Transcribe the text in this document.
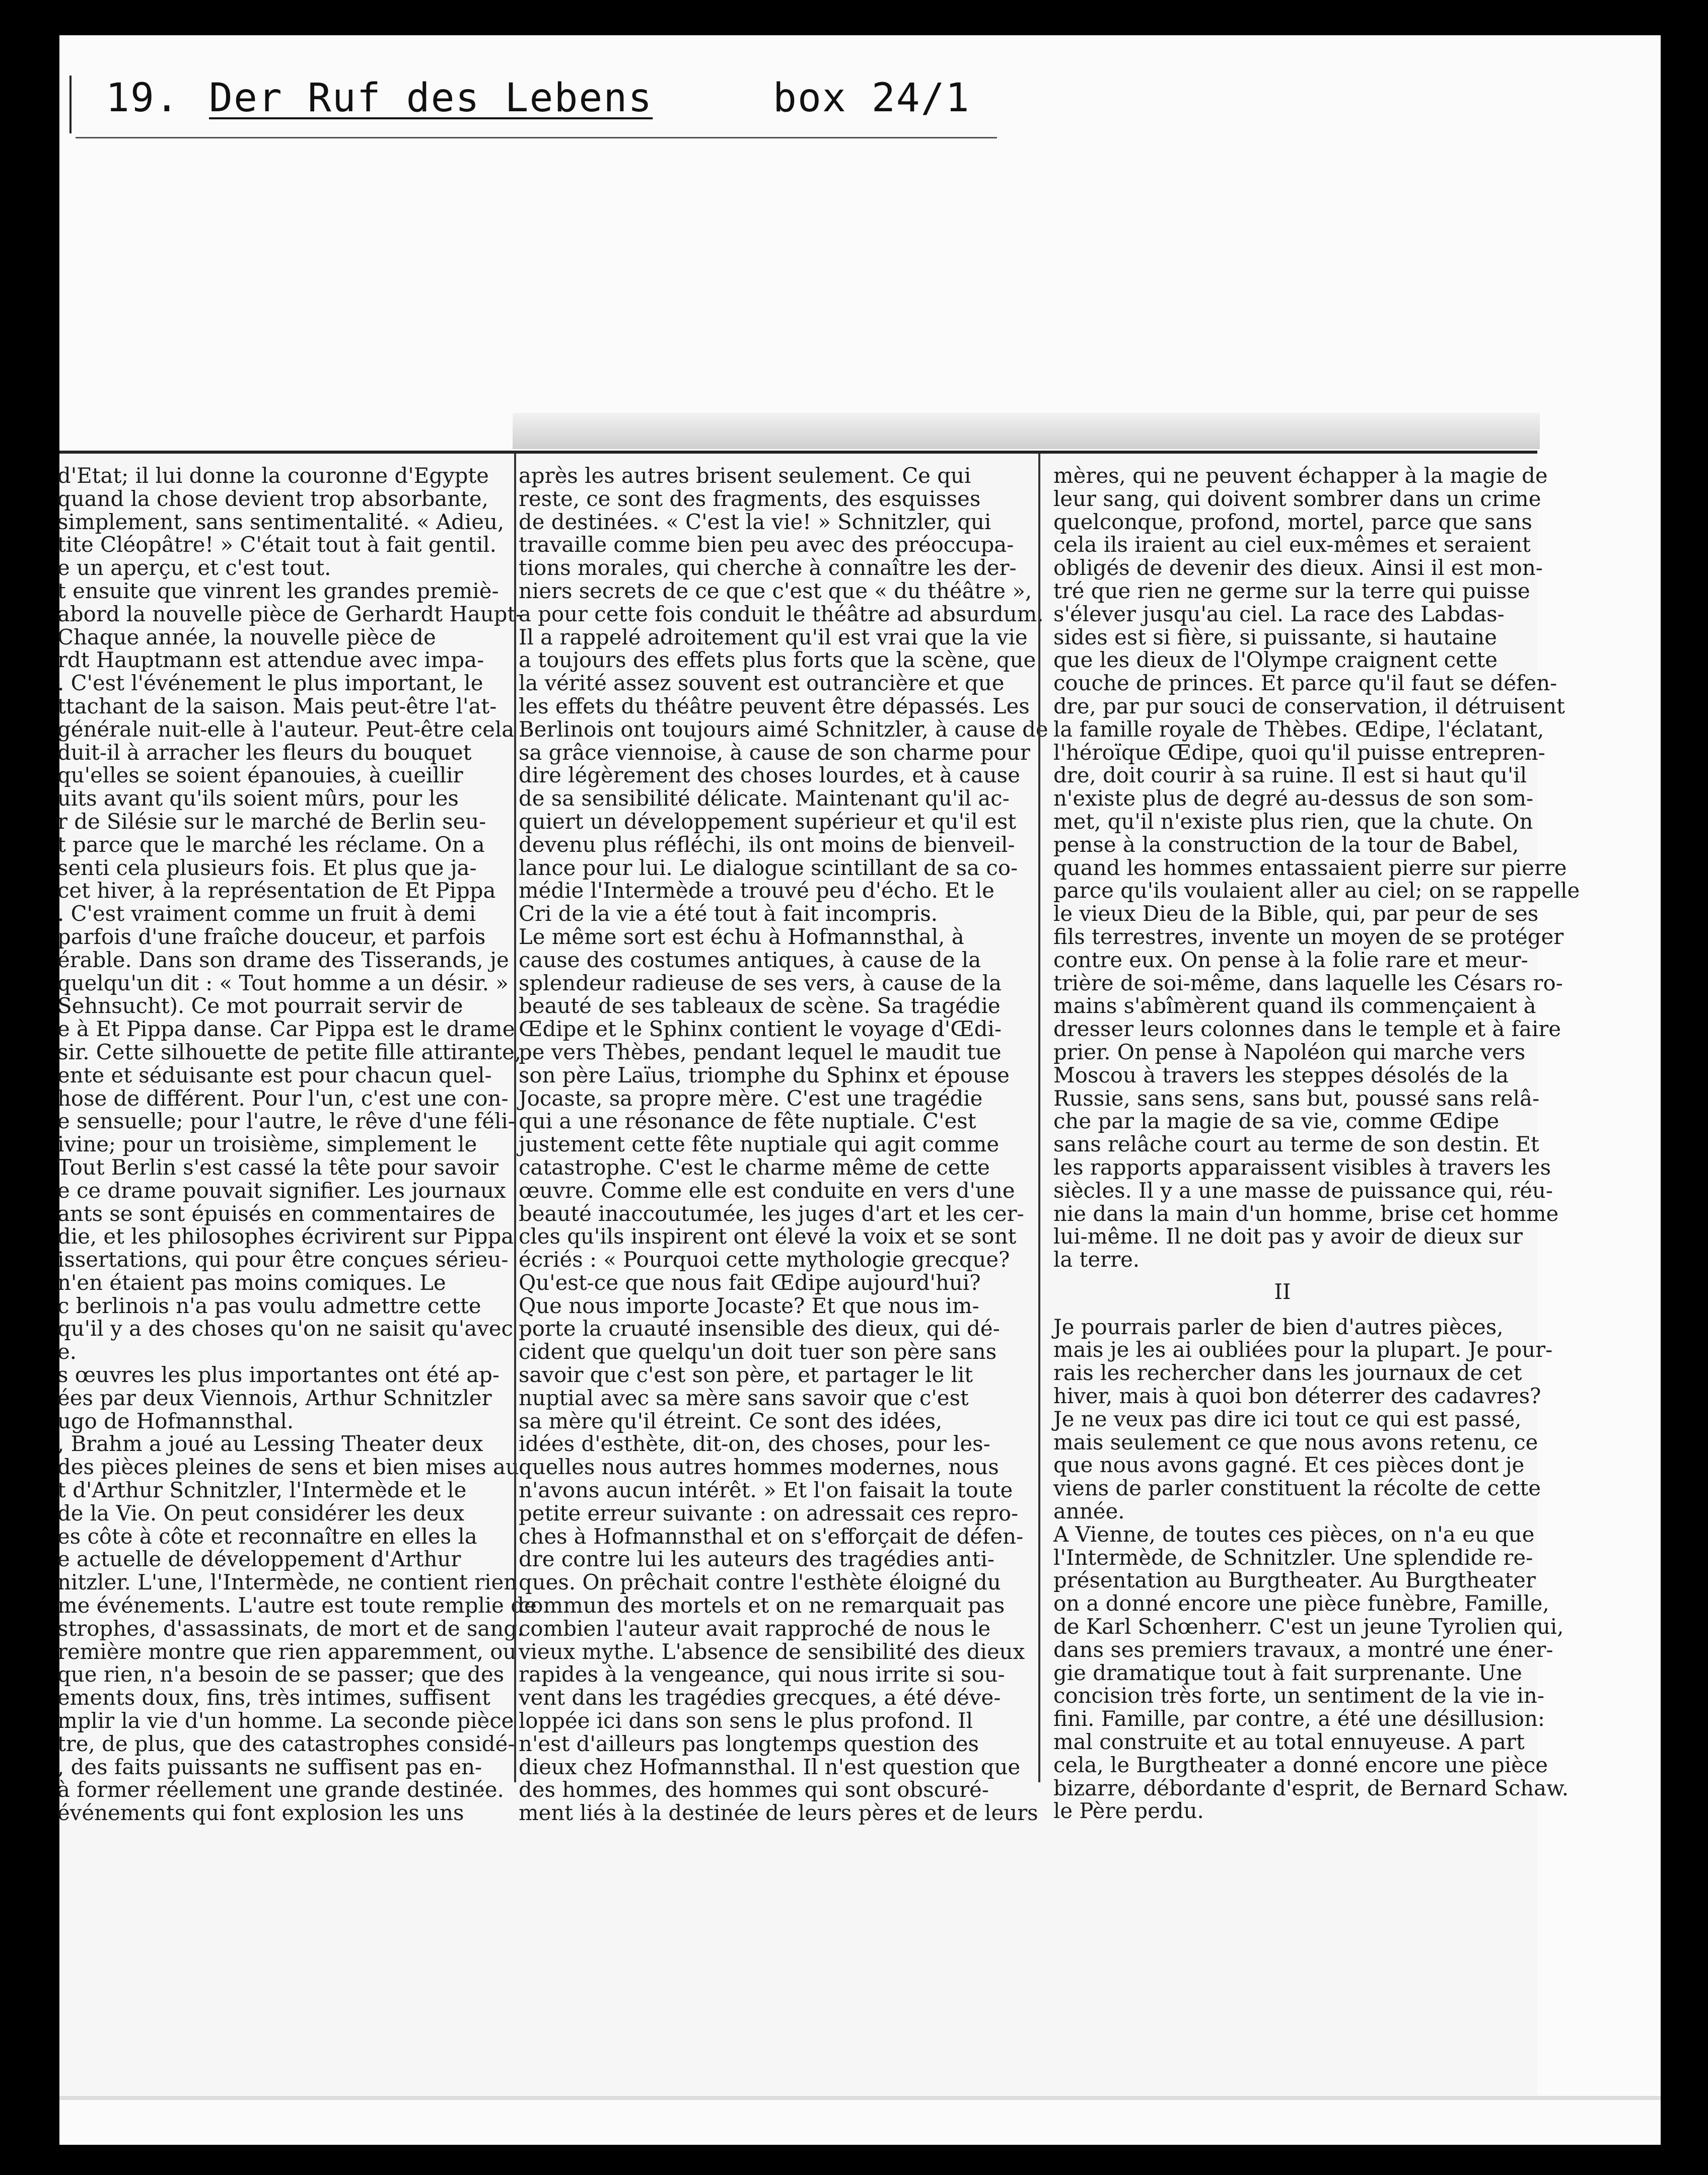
19. Der Ruf des Lebens	box 24/1

d'Etat; il lui donne la couronne d'Egypte

quand la chose devient trop absorbante,

simplement, sans sentimentalité. « Adieu,

tite Cléopâtre! » C'était tout à fait gentil.

e un aperçu, et c'est tout.

t ensuite que vinrent les grandes premiè-

abord la nouvelle pièce de Gerhardt Haupt-

Chaque année, la nouvelle pièce de

rdt Hauptmann est attendue avec impa-

. C'est l'événement le plus important, le

ttachant de la saison. Mais peut-être l'at-

générale nuit-elle à l'auteur. Peut-être cela

duit-il à arracher les fleurs du bouquet

qu'elles se soient épanouies, à cueillir

uits avant qu'ils soient mûrs, pour les

r de Silésie sur le marché de Berlin seu-

t parce que le marché les réclame. On a

senti cela plusieurs fois. Et plus que ja-

cet hiver, à la représentation de Et Pippa

. C'est vraiment comme un fruit à demi

parfois d'une fraîche douceur, et parfois

érable. Dans son drame des Tisserands, je

quelqu'un dit : « Tout homme a un désir. »

Sehnsucht). Ce mot pourrait servir de

e à Et Pippa danse. Car Pippa est le drame

sir. Cette silhouette de petite fille attirante,

ente et séduisante est pour chacun quel-

hose de différent. Pour l'un, c'est une con-

e sensuelle; pour l'autre, le rêve d'une féli-

ivine; pour un troisième, simplement le

Tout Berlin s'est cassé la tête pour savoir

e ce drame pouvait signifier. Les journaux

ants se sont épuisés en commentaires de

die, et les philosophes écrivirent sur Pippa

issertations, qui pour être conçues sérieu-

n'en étaient pas moins comiques. Le

c berlinois n'a pas voulu admettre cette

qu'il y a des choses qu'on ne saisit qu'avec

e.

s œuvres les plus importantes ont été ap-

ées par deux Viennois, Arthur Schnitzler

ugo de Hofmannsthal.

, Brahm a joué au Lessing Theater deux

des pièces pleines de sens et bien mises au

t d'Arthur Schnitzler, l'Intermède et le

de la Vie. On peut considérer les deux

es côte à côte et reconnaître en elles la

e actuelle de développement d'Arthur

nitzler. L'une, l'Intermède, ne contient rien

me événements. L'autre est toute remplie de

strophes, d'assassinats, de mort et de sang.

remière montre que rien apparemment, ou

que rien, n'a besoin de se passer; que des

ements doux, fins, très intimes, suffisent

mplir la vie d'un homme. La seconde pièce

tre, de plus, que des catastrophes considé-

, des faits puissants ne suffisent pas en-

à former réellement une grande destinée.

événements qui font explosion les uns

après les autres brisent seulement. Ce qui

reste, ce sont des fragments, des esquisses

de destinées. « C'est la vie! » Schnitzler, qui

travaille comme bien peu avec des préoccupa-

tions morales, qui cherche à connaître les der-

niers secrets de ce que c'est que « du théâtre »,

a pour cette fois conduit le théâtre ad absurdum.

Il a rappelé adroitement qu'il est vrai que la vie

a toujours des effets plus forts que la scène, que

la vérité assez souvent est outrancière et que

les effets du théâtre peuvent être dépassés. Les

Berlinois ont toujours aimé Schnitzler, à cause de

sa grâce viennoise, à cause de son charme pour

dire légèrement des choses lourdes, et à cause

de sa sensibilité délicate. Maintenant qu'il ac-

quiert un développement supérieur et qu'il est

devenu plus réfléchi, ils ont moins de bienveil-

lance pour lui. Le dialogue scintillant de sa co-

médie l'Intermède a trouvé peu d'écho. Et le

Cri de la vie a été tout à fait incompris.

Le même sort est échu à Hofmannsthal, à

cause des costumes antiques, à cause de la

splendeur radieuse de ses vers, à cause de la

beauté de ses tableaux de scène. Sa tragédie

Œdipe et le Sphinx contient le voyage d'Œdi-

pe vers Thèbes, pendant lequel le maudit tue

son père Laïus, triomphe du Sphinx et épouse

Jocaste, sa propre mère. C'est une tragédie

qui a une résonance de fête nuptiale. C'est

justement cette fête nuptiale qui agit comme

catastrophe. C'est le charme même de cette

œuvre. Comme elle est conduite en vers d'une

beauté inaccoutumée, les juges d'art et les cer-

cles qu'ils inspirent ont élevé la voix et se sont

écriés : « Pourquoi cette mythologie grecque?

Qu'est-ce que nous fait Œdipe aujourd'hui?

Que nous importe Jocaste? Et que nous im-

porte la cruauté insensible des dieux, qui dé-

cident que quelqu'un doit tuer son père sans

savoir que c'est son père, et partager le lit

nuptial avec sa mère sans savoir que c'est

sa mère qu'il étreint. Ce sont des idées,

idées d'esthète, dit-on, des choses, pour les-

quelles nous autres hommes modernes, nous

n'avons aucun intérêt. » Et l'on faisait la toute

petite erreur suivante : on adressait ces repro-

ches à Hofmannsthal et on s'efforçait de défen-

dre contre lui les auteurs des tragédies anti-

ques. On prêchait contre l'esthète éloigné du

commun des mortels et on ne remarquait pas

combien l'auteur avait rapproché de nous le

vieux mythe. L'absence de sensibilité des dieux

rapides à la vengeance, qui nous irrite si sou-

vent dans les tragédies grecques, a été déve-

loppée ici dans son sens le plus profond. Il

n'est d'ailleurs pas longtemps question des

dieux chez Hofmannsthal. Il n'est question que

des hommes, des hommes qui sont obscuré-

ment liés à la destinée de leurs pères et de leurs

mères, qui ne peuvent échapper à la magie de

leur sang, qui doivent sombrer dans un crime

quelconque, profond, mortel, parce que sans

cela ils iraient au ciel eux-mêmes et seraient

obligés de devenir des dieux. Ainsi il est mon-

tré que rien ne germe sur la terre qui puisse

s'élever jusqu'au ciel. La race des Labdas-

sides est si fière, si puissante, si hautaine

que les dieux de l'Olympe craignent cette

couche de princes. Et parce qu'il faut se défen-

dre, par pur souci de conservation, il détruisent

la famille royale de Thèbes. Œdipe, l'éclatant,

l'héroïque Œdipe, quoi qu'il puisse entrepren-

dre, doit courir à sa ruine. Il est si haut qu'il

n'existe plus de degré au-dessus de son som-

met, qu'il n'existe plus rien, que la chute. On

pense à la construction de la tour de Babel,

quand les hommes entassaient pierre sur pierre

parce qu'ils voulaient aller au ciel; on se rappelle

le vieux Dieu de la Bible, qui, par peur de ses

fils terrestres, invente un moyen de se protéger

contre eux. On pense à la folie rare et meur-

trière de soi-même, dans laquelle les Césars ro-

mains s'abîmèrent quand ils commençaient à

dresser leurs colonnes dans le temple et à faire

prier. On pense à Napoléon qui marche vers

Moscou à travers les steppes désolés de la

Russie, sans sens, sans but, poussé sans relâ-

che par la magie de sa vie, comme Œdipe

sans relâche court au terme de son destin. Et

les rapports apparaissent visibles à travers les

siècles. Il y a une masse de puissance qui, réu-

nie dans la main d'un homme, brise cet homme

lui-même. Il ne doit pas y avoir de dieux sur

la terre.

II

Je pourrais parler de bien d'autres pièces,

mais je les ai oubliées pour la plupart. Je pour-

rais les rechercher dans les journaux de cet

hiver, mais à quoi bon déterrer des cadavres?

Je ne veux pas dire ici tout ce qui est passé,

mais seulement ce que nous avons retenu, ce

que nous avons gagné. Et ces pièces dont je

viens de parler constituent la récolte de cette

année.

A Vienne, de toutes ces pièces, on n'a eu que

l'Intermède, de Schnitzler. Une splendide re-

présentation au Burgtheater. Au Burgtheater

on a donné encore une pièce funèbre, Famille,

de Karl Schœnherr. C'est un jeune Tyrolien qui,

dans ses premiers travaux, a montré une éner-

gie dramatique tout à fait surprenante. Une

concision très forte, un sentiment de la vie in-

fini. Famille, par contre, a été une désillusion:

mal construite et au total ennuyeuse. A part

cela, le Burgtheater a donné encore une pièce

bizarre, débordante d'esprit, de Bernard Schaw.

le Père perdu.
